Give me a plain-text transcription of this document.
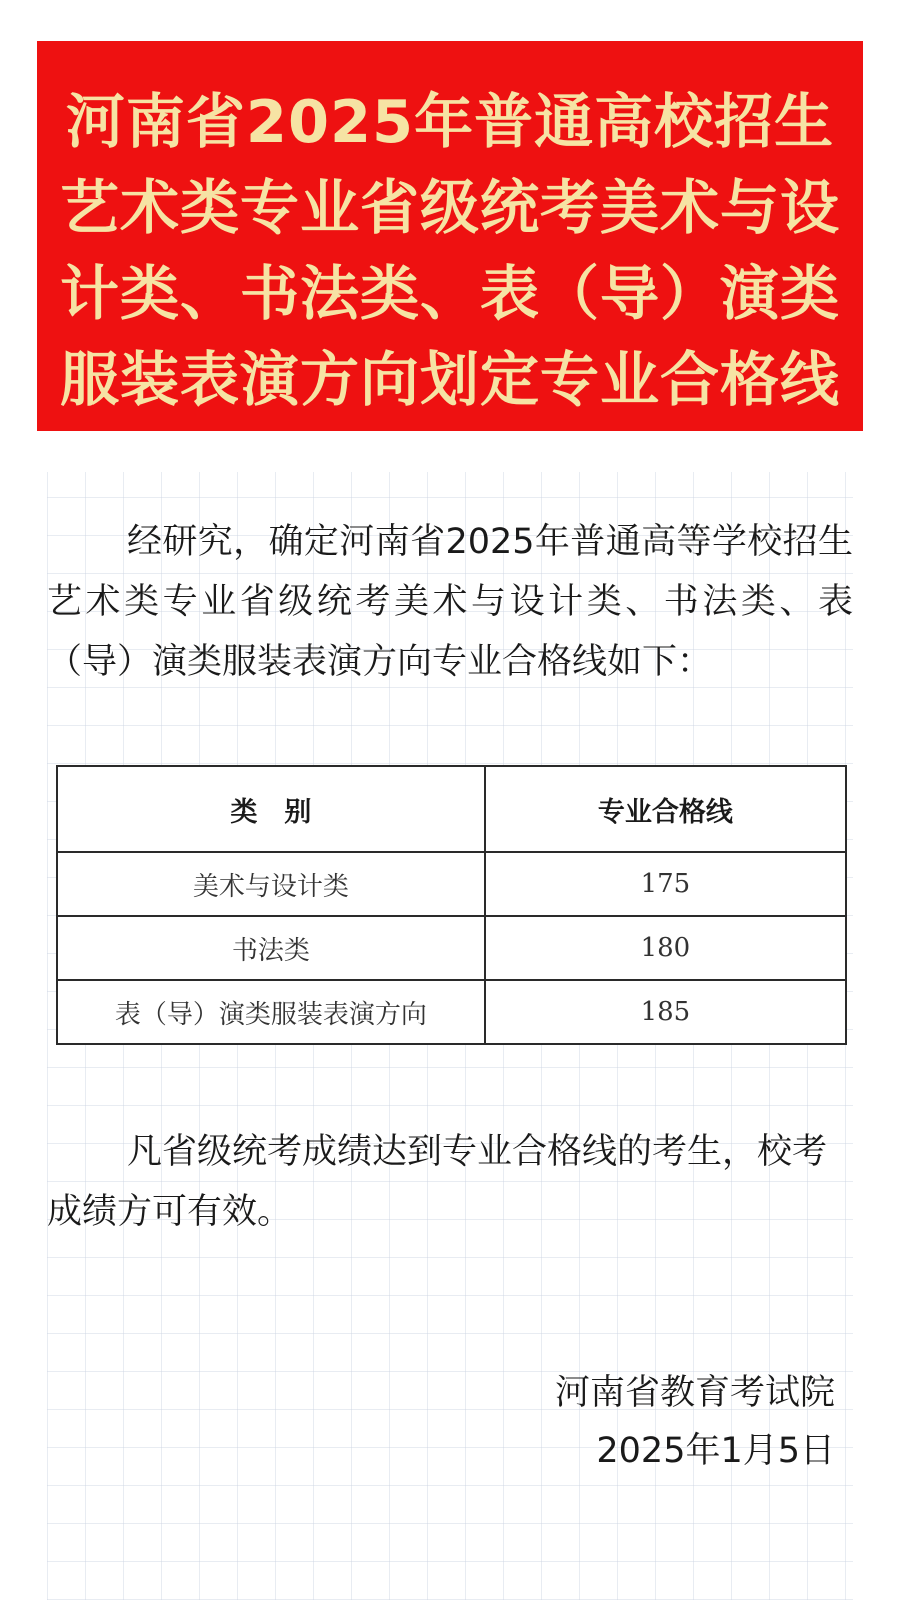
河南省2025年普通高校招生艺术类专业省级统考美术与设计类、书法类、表（导）演类服装表演方向划定专业合格线

经研究，确定河南省2025年普通高等学校招生艺术类专业省级统考美术与设计类、书法类、表（导）演类服装表演方向专业合格线如下：

类　别	专业合格线
美术与设计类	175
书法类	180
表（导）演类服装表演方向	185

凡省级统考成绩达到专业合格线的考生，校考成绩方可有效。

河南省教育考试院
2025年1月5日
